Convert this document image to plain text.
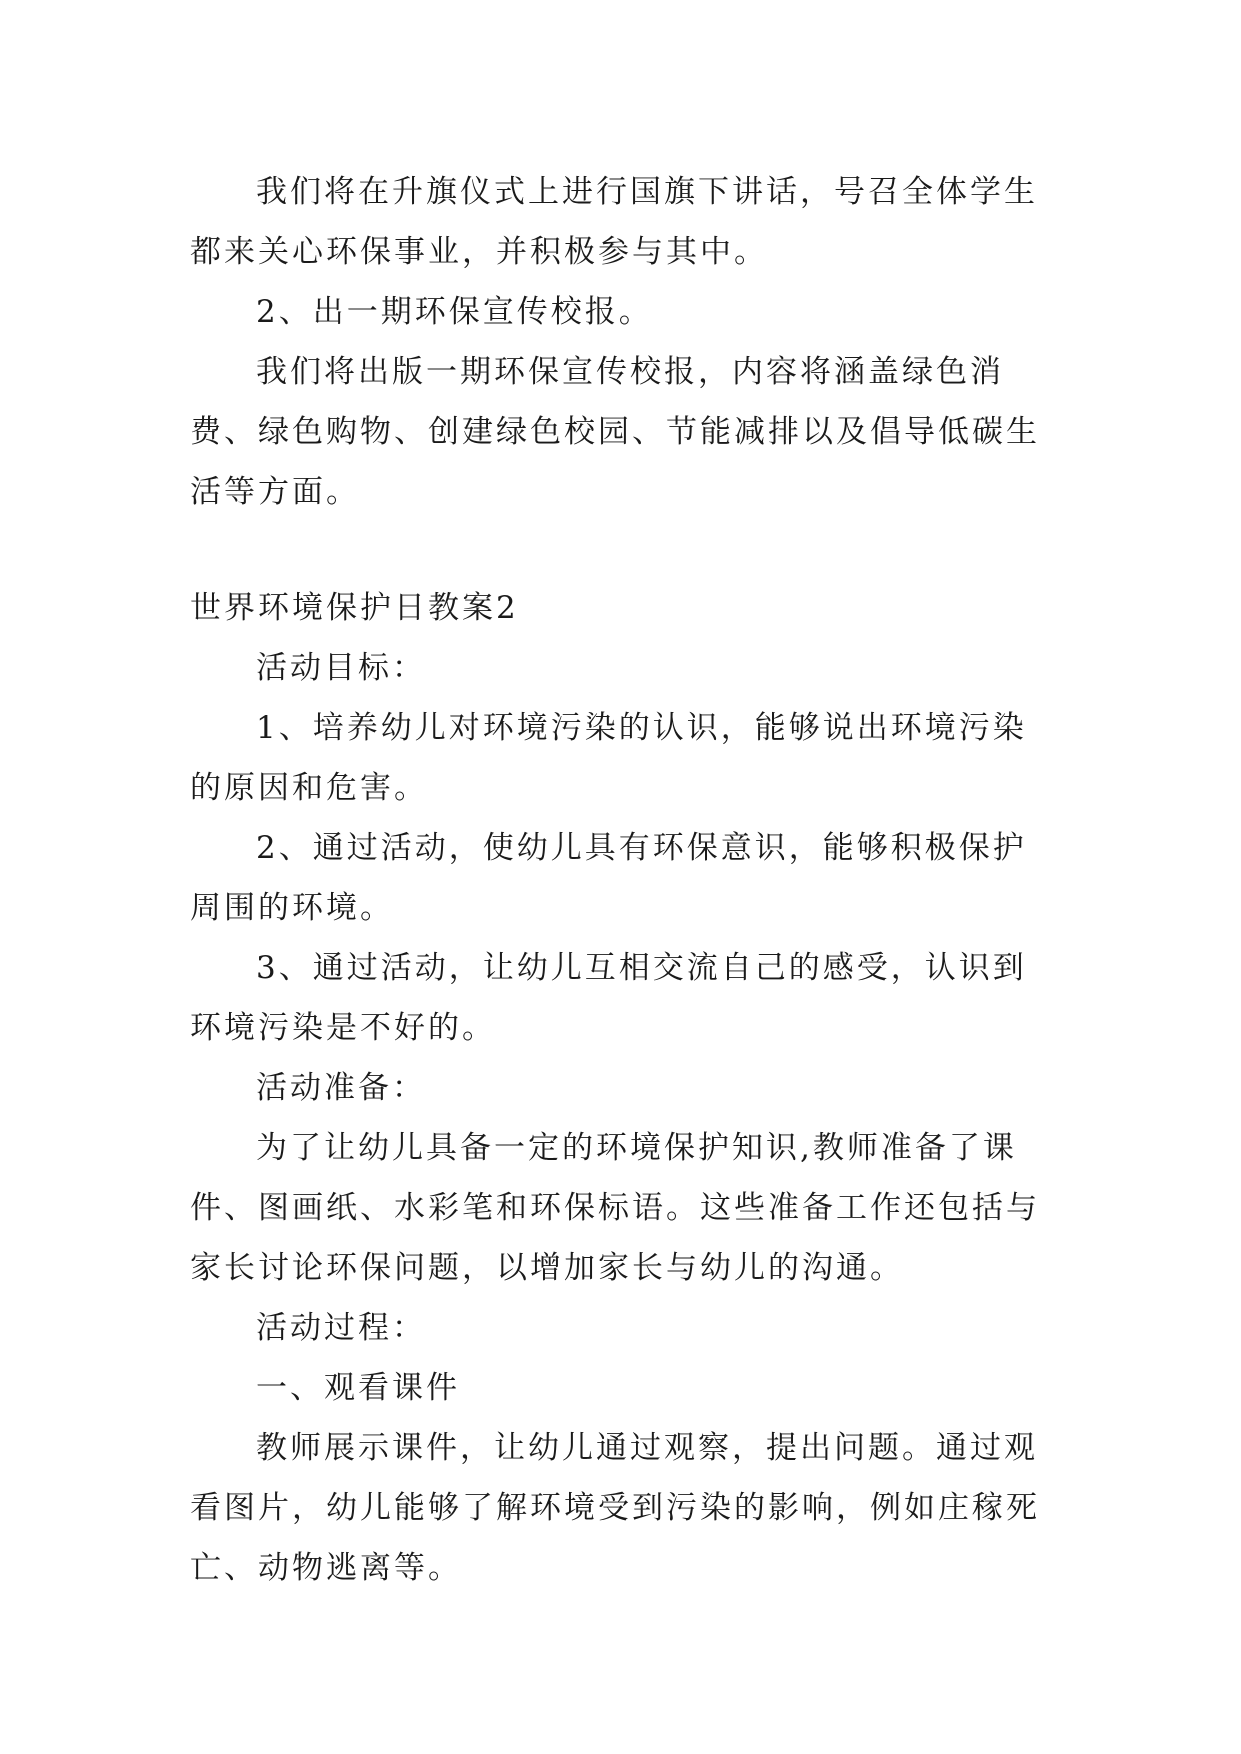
我们将在升旗仪式上进行国旗下讲话，号召全体学生都来关心环保事业，并积极参与其中。

2、出一期环保宣传校报。

我们将出版一期环保宣传校报，内容将涵盖绿色消费、绿色购物、创建绿色校园、节能减排以及倡导低碳生活等方面。

世界环境保护日教案2

活动目标：

1、培养幼儿对环境污染的认识，能够说出环境污染的原因和危害。

2、通过活动，使幼儿具有环保意识，能够积极保护周围的环境。

3、通过活动，让幼儿互相交流自己的感受，认识到环境污染是不好的。

活动准备：

为了让幼儿具备一定的环境保护知识,教师准备了课件、图画纸、水彩笔和环保标语。这些准备工作还包括与家长讨论环保问题，以增加家长与幼儿的沟通。

活动过程：

一、观看课件

教师展示课件，让幼儿通过观察，提出问题。通过观看图片，幼儿能够了解环境受到污染的影响，例如庄稼死亡、动物逃离等。
